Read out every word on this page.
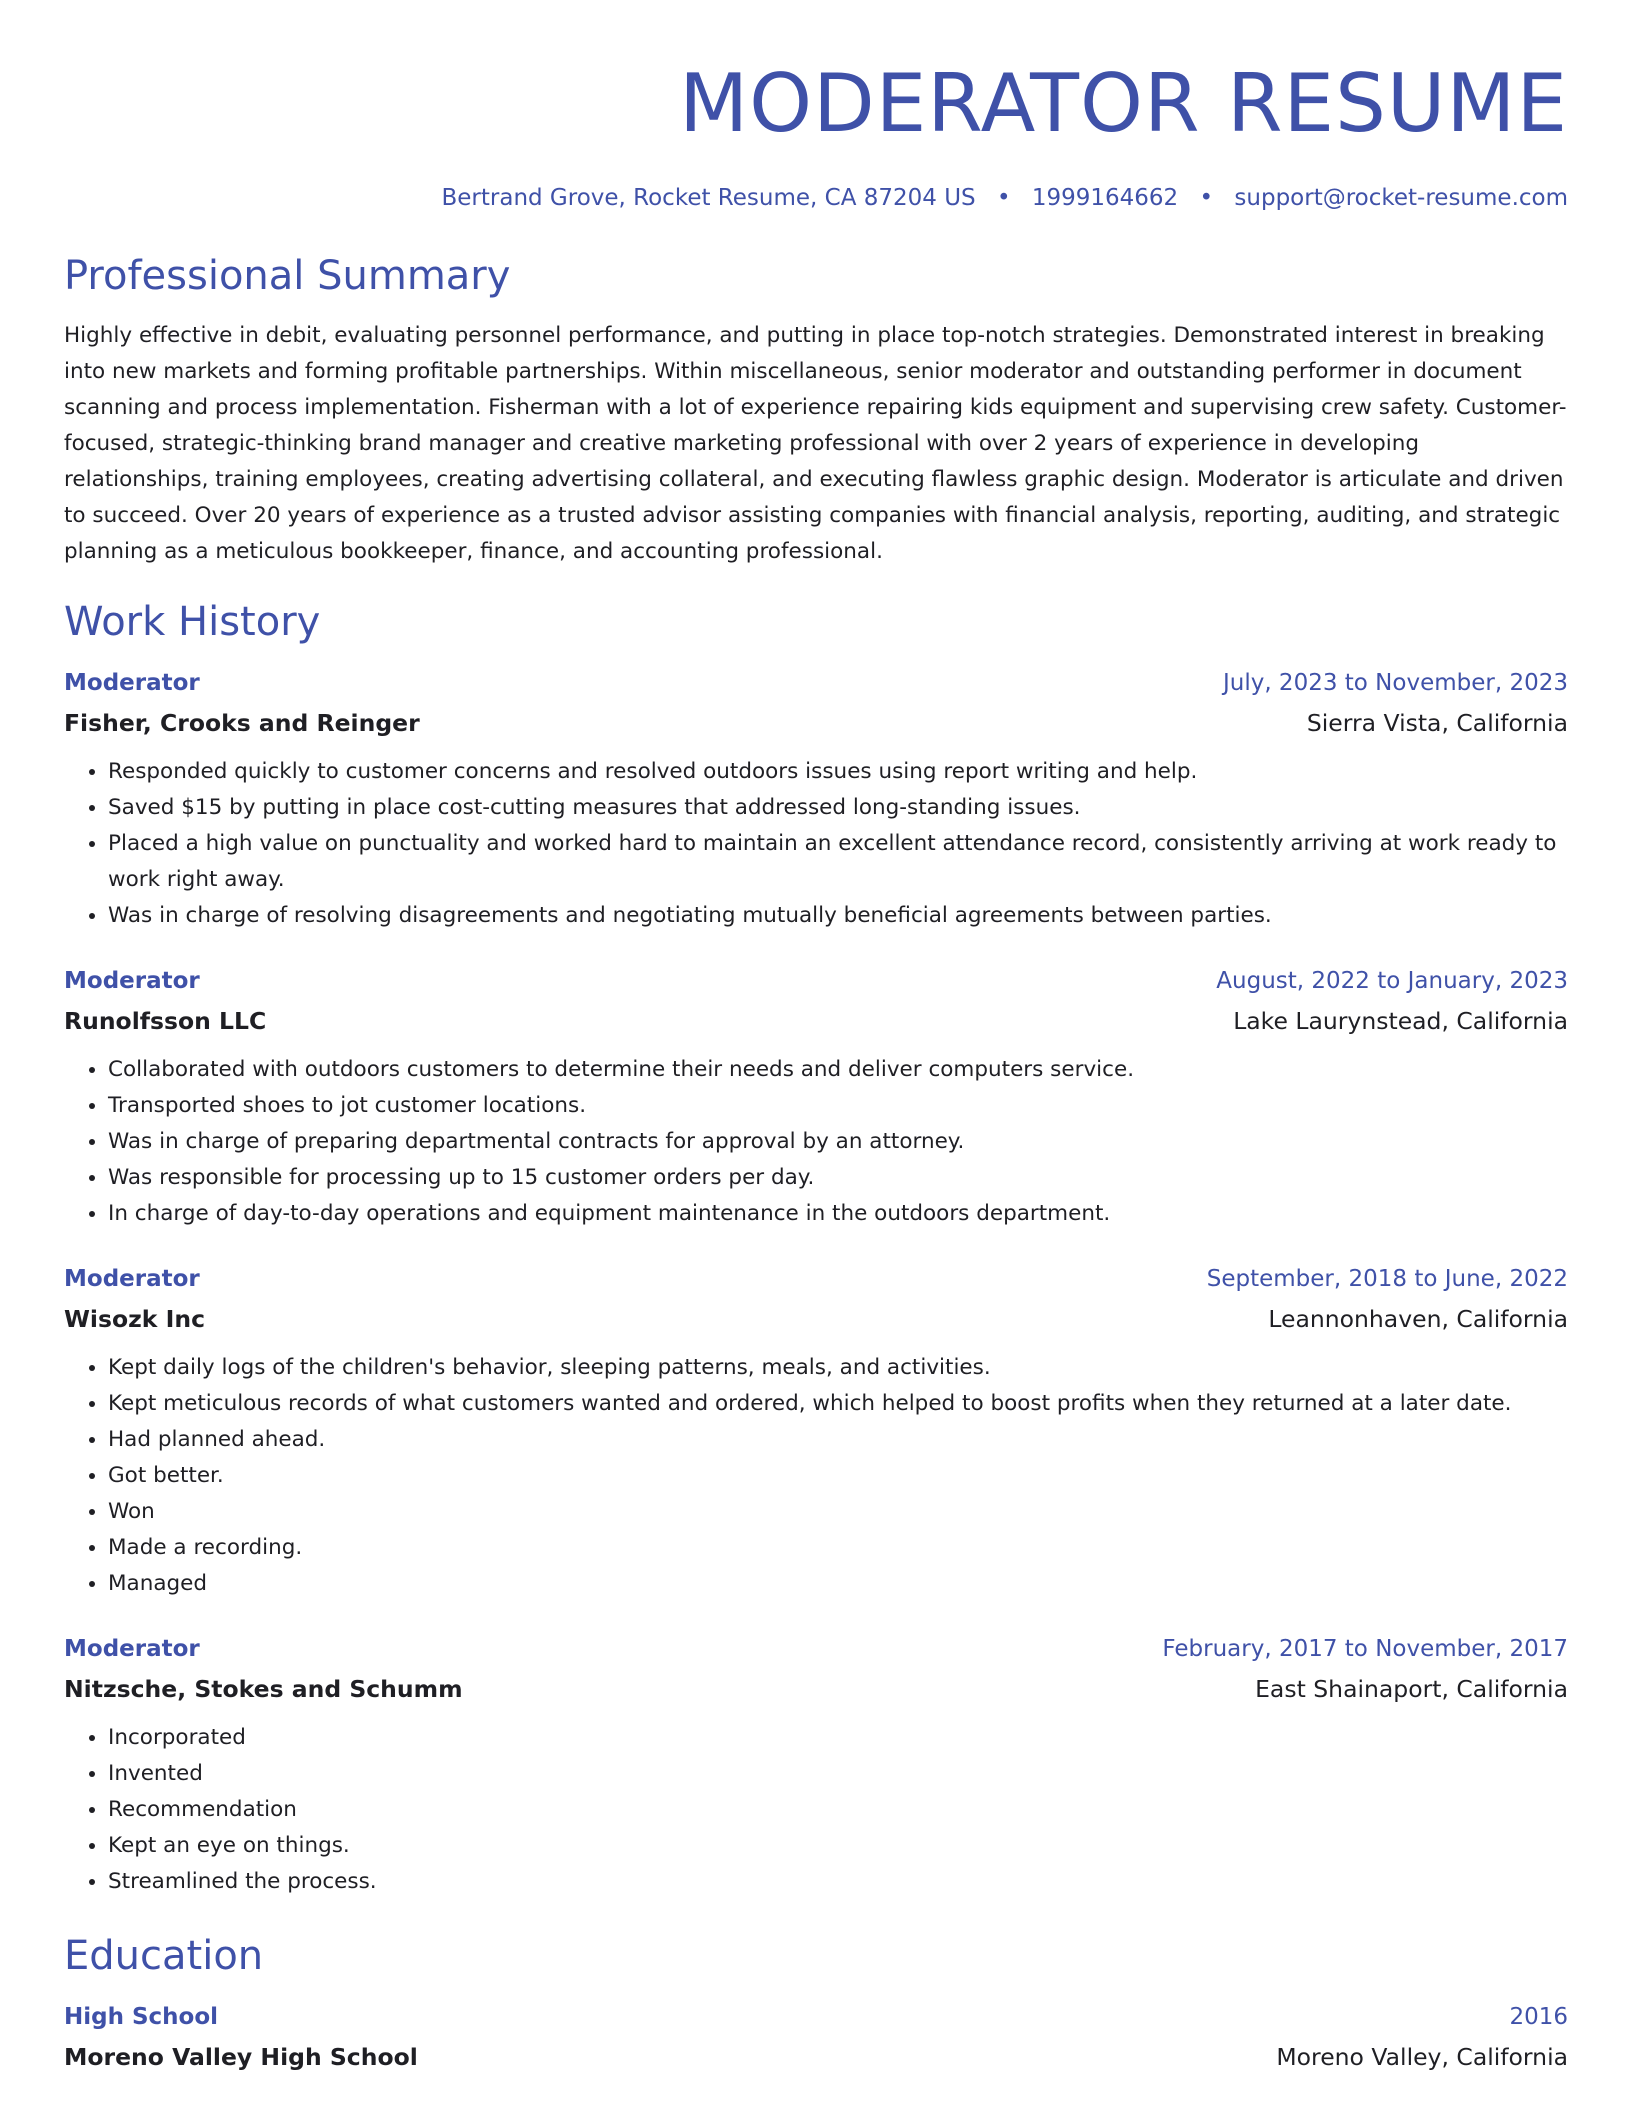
MODERATOR RESUME
Bertrand Grove, Rocket Resume, CA 87204 US • 1999164662 • support@rocket-resume.com
Professional Summary

Highly effective in debit, evaluating personnel performance, and putting in place top-notch strategies. Demonstrated interest in breaking into new markets and forming profitable partnerships. Within miscellaneous, senior moderator and outstanding performer in document scanning and process implementation. Fisherman with a lot of experience repairing kids equipment and supervising crew safety. Customer-focused, strategic-thinking brand manager and creative marketing professional with over 2 years of experience in developing relationships, training employees, creating advertising collateral, and executing flawless graphic design. Moderator is articulate and driven to succeed. Over 20 years of experience as a trusted advisor assisting companies with financial analysis, reporting, auditing, and strategic planning as a meticulous bookkeeper, finance, and accounting professional.

Work History
Moderator	July, 2023 to November, 2023
Fisher, Crooks and Reinger	Sierra Vista, California
• Responded quickly to customer concerns and resolved outdoors issues using report writing and help.
• Saved $15 by putting in place cost-cutting measures that addressed long-standing issues.
• Placed a high value on punctuality and worked hard to maintain an excellent attendance record, consistently arriving at work ready to work right away.
• Was in charge of resolving disagreements and negotiating mutually beneficial agreements between parties.
Moderator	August, 2022 to January, 2023
Runolfsson LLC	Lake Laurynstead, California
• Collaborated with outdoors customers to determine their needs and deliver computers service.
• Transported shoes to jot customer locations.
• Was in charge of preparing departmental contracts for approval by an attorney.
• Was responsible for processing up to 15 customer orders per day.
• In charge of day-to-day operations and equipment maintenance in the outdoors department.
Moderator	September, 2018 to June, 2022
Wisozk Inc	Leannonhaven, California
• Kept daily logs of the children's behavior, sleeping patterns, meals, and activities.
• Kept meticulous records of what customers wanted and ordered, which helped to boost profits when they returned at a later date.
• Had planned ahead.
• Got better.
• Won
• Made a recording.
• Managed
Moderator	February, 2017 to November, 2017
Nitzsche, Stokes and Schumm	East Shainaport, California
• Incorporated
• Invented
• Recommendation
• Kept an eye on things.
• Streamlined the process.
Education
High School	2016
Moreno Valley High School	Moreno Valley, California
